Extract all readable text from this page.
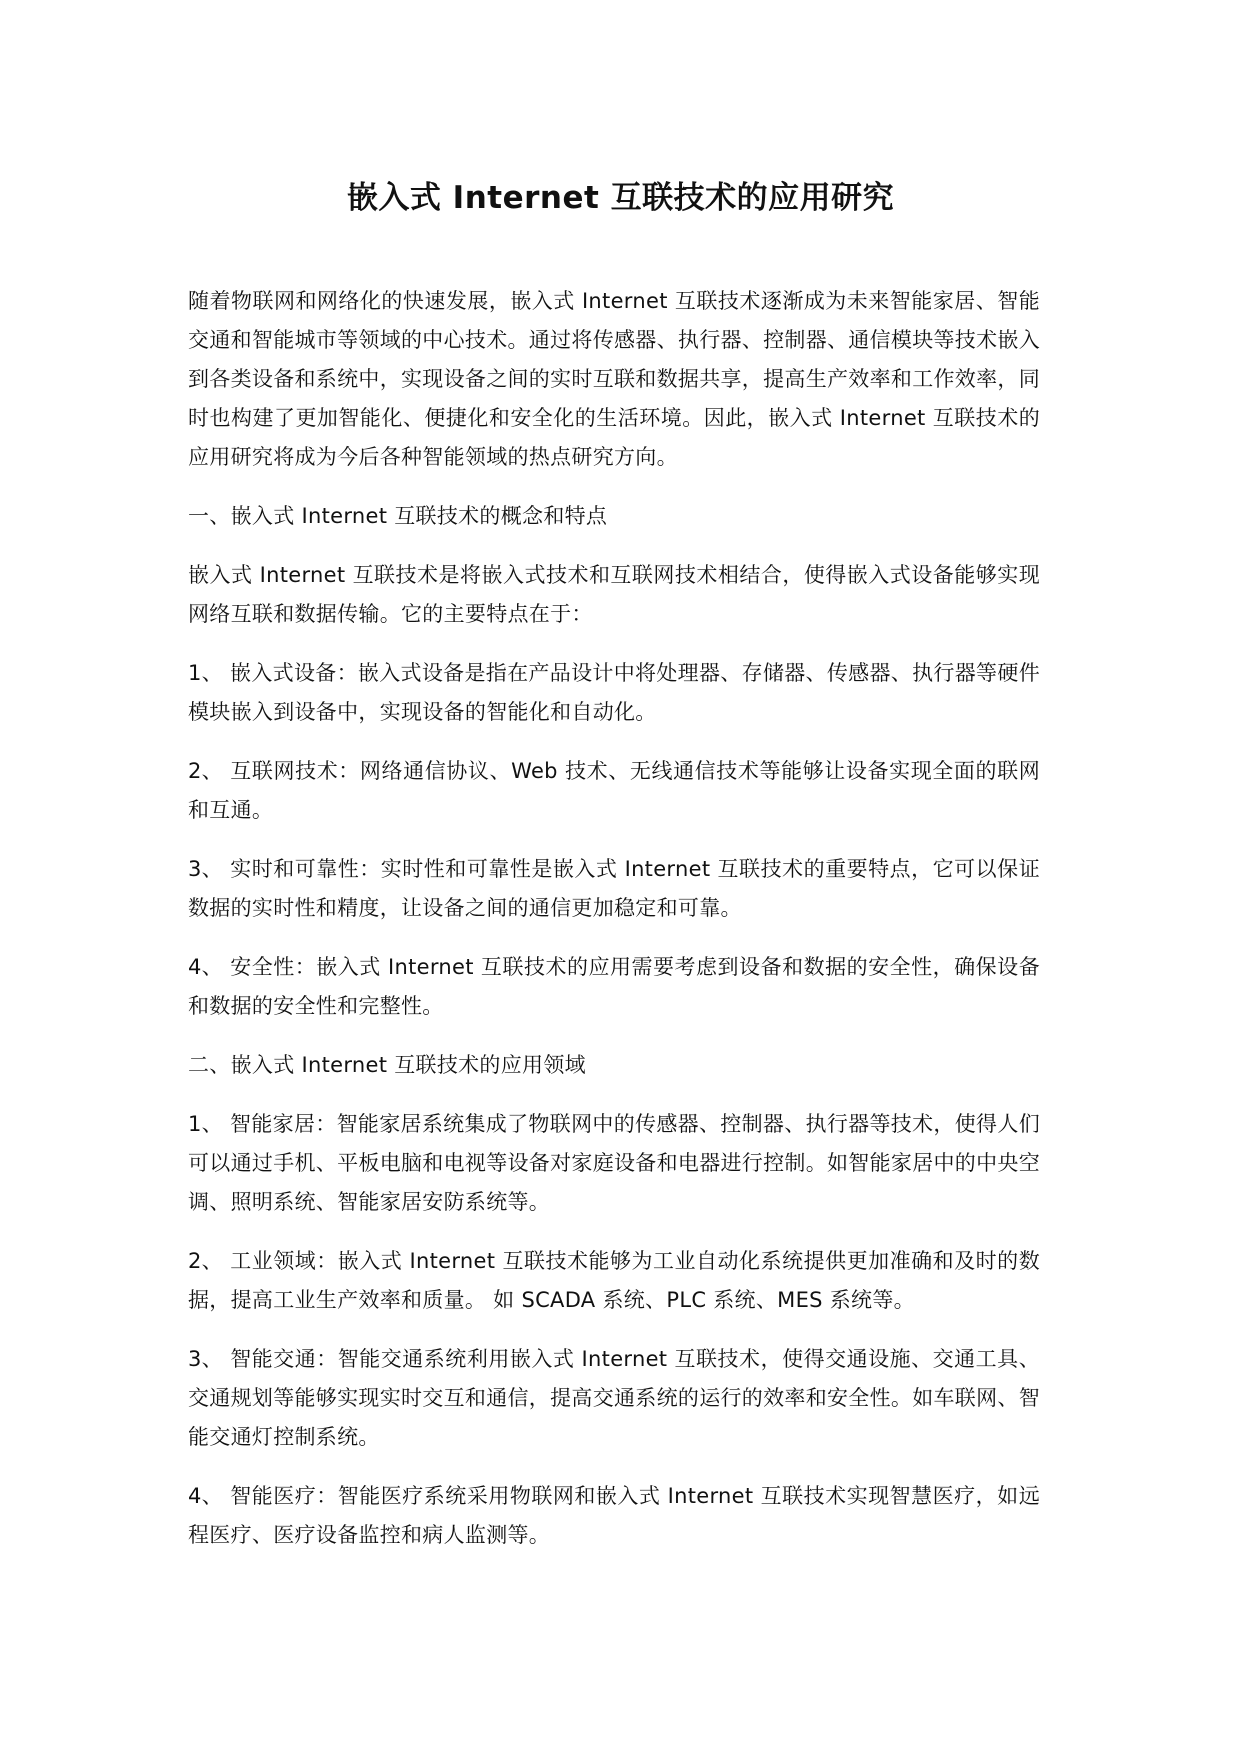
嵌入式 Internet 互联技术的应用研究

随着物联网和网络化的快速发展，嵌入式 Internet 互联技术逐渐成为未来智能家居、智能交通和智能城市等领域的中心技术。通过将传感器、执行器、控制器、通信模块等技术嵌入到各类设备和系统中，实现设备之间的实时互联和数据共享，提高生产效率和工作效率，同时也构建了更加智能化、便捷化和安全化的生活环境。因此，嵌入式 Internet 互联技术的应用研究将成为今后各种智能领域的热点研究方向。

一、嵌入式 Internet 互联技术的概念和特点

嵌入式 Internet 互联技术是将嵌入式技术和互联网技术相结合，使得嵌入式设备能够实现网络互联和数据传输。它的主要特点在于：

1、 嵌入式设备：嵌入式设备是指在产品设计中将处理器、存储器、传感器、执行器等硬件模块嵌入到设备中，实现设备的智能化和自动化。

2、 互联网技术：网络通信协议、Web 技术、无线通信技术等能够让设备实现全面的联网和互通。

3、 实时和可靠性：实时性和可靠性是嵌入式 Internet 互联技术的重要特点，它可以保证数据的实时性和精度，让设备之间的通信更加稳定和可靠。

4、 安全性：嵌入式 Internet 互联技术的应用需要考虑到设备和数据的安全性，确保设备和数据的安全性和完整性。

二、嵌入式 Internet 互联技术的应用领域

1、 智能家居：智能家居系统集成了物联网中的传感器、控制器、执行器等技术，使得人们可以通过手机、平板电脑和电视等设备对家庭设备和电器进行控制。如智能家居中的中央空调、照明系统、智能家居安防系统等。

2、 工业领域：嵌入式 Internet 互联技术能够为工业自动化系统提供更加准确和及时的数据，提高工业生产效率和质量。 如 SCADA 系统、PLC 系统、MES 系统等。

3、 智能交通：智能交通系统利用嵌入式 Internet 互联技术，使得交通设施、交通工具、交通规划等能够实现实时交互和通信，提高交通系统的运行的效率和安全性。如车联网、智能交通灯控制系统。

4、 智能医疗：智能医疗系统采用物联网和嵌入式 Internet 互联技术实现智慧医疗，如远程医疗、医疗设备监控和病人监测等。
